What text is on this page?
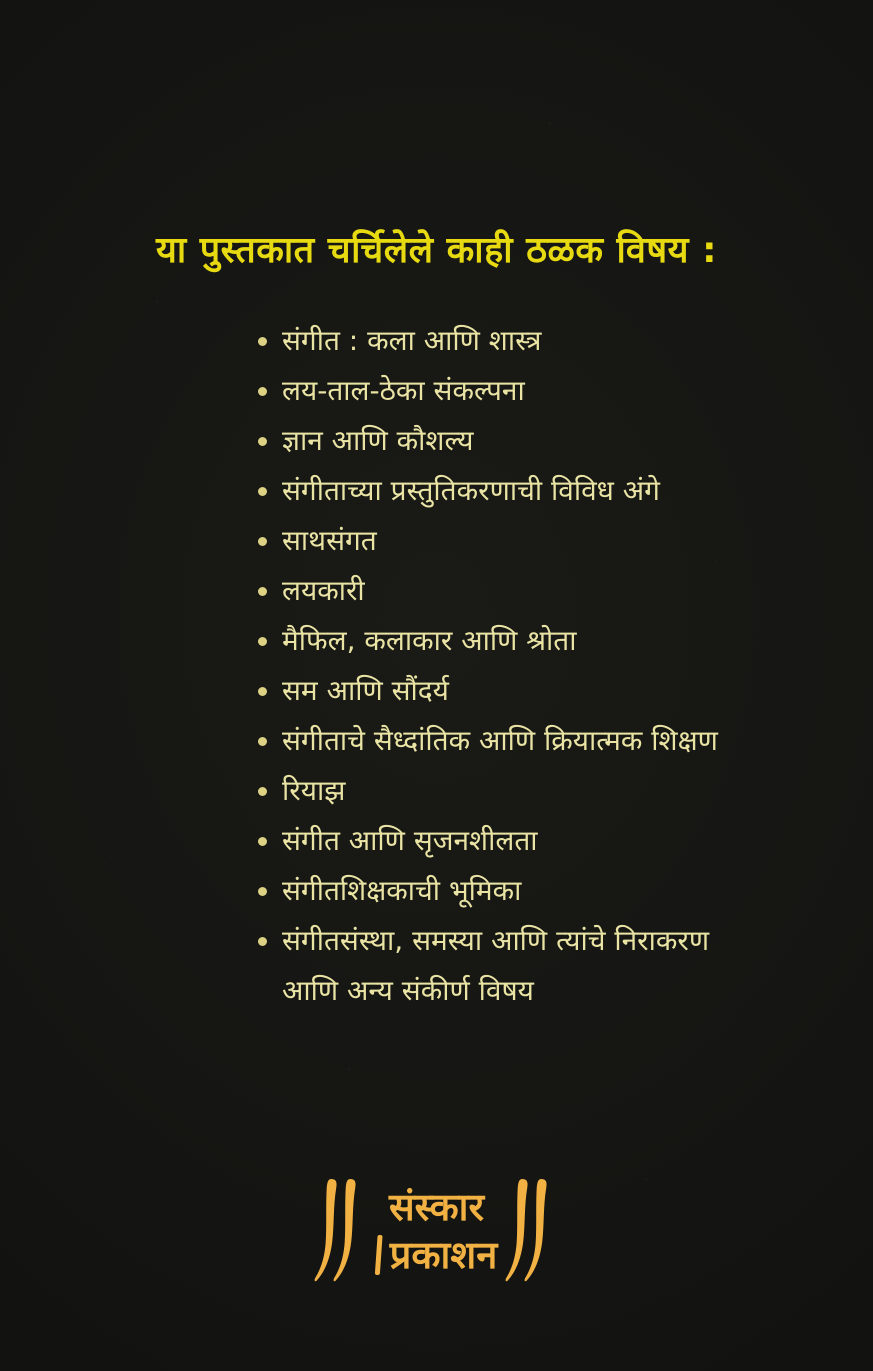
या पुस्तकात चर्चिलेले काही ठळक विषय :
संगीत : कला आणि शास्त्र
लय-ताल-ठेका संकल्पना
ज्ञान आणि कौशल्य
संगीताच्या प्रस्तुतिकरणाची विविध अंगे
साथसंगत
लयकारी
मैफिल, कलाकार आणि श्रोता
सम आणि सौंदर्य
संगीताचे सैध्दांतिक आणि क्रियात्मक शिक्षण
रियाझ
संगीत आणि सृजनशीलता
संगीतशिक्षकाची भूमिका
संगीतसंस्था, समस्या आणि त्यांचे निराकरण
आणि अन्य संकीर्ण विषय
संस्कार
प्रकाशन
